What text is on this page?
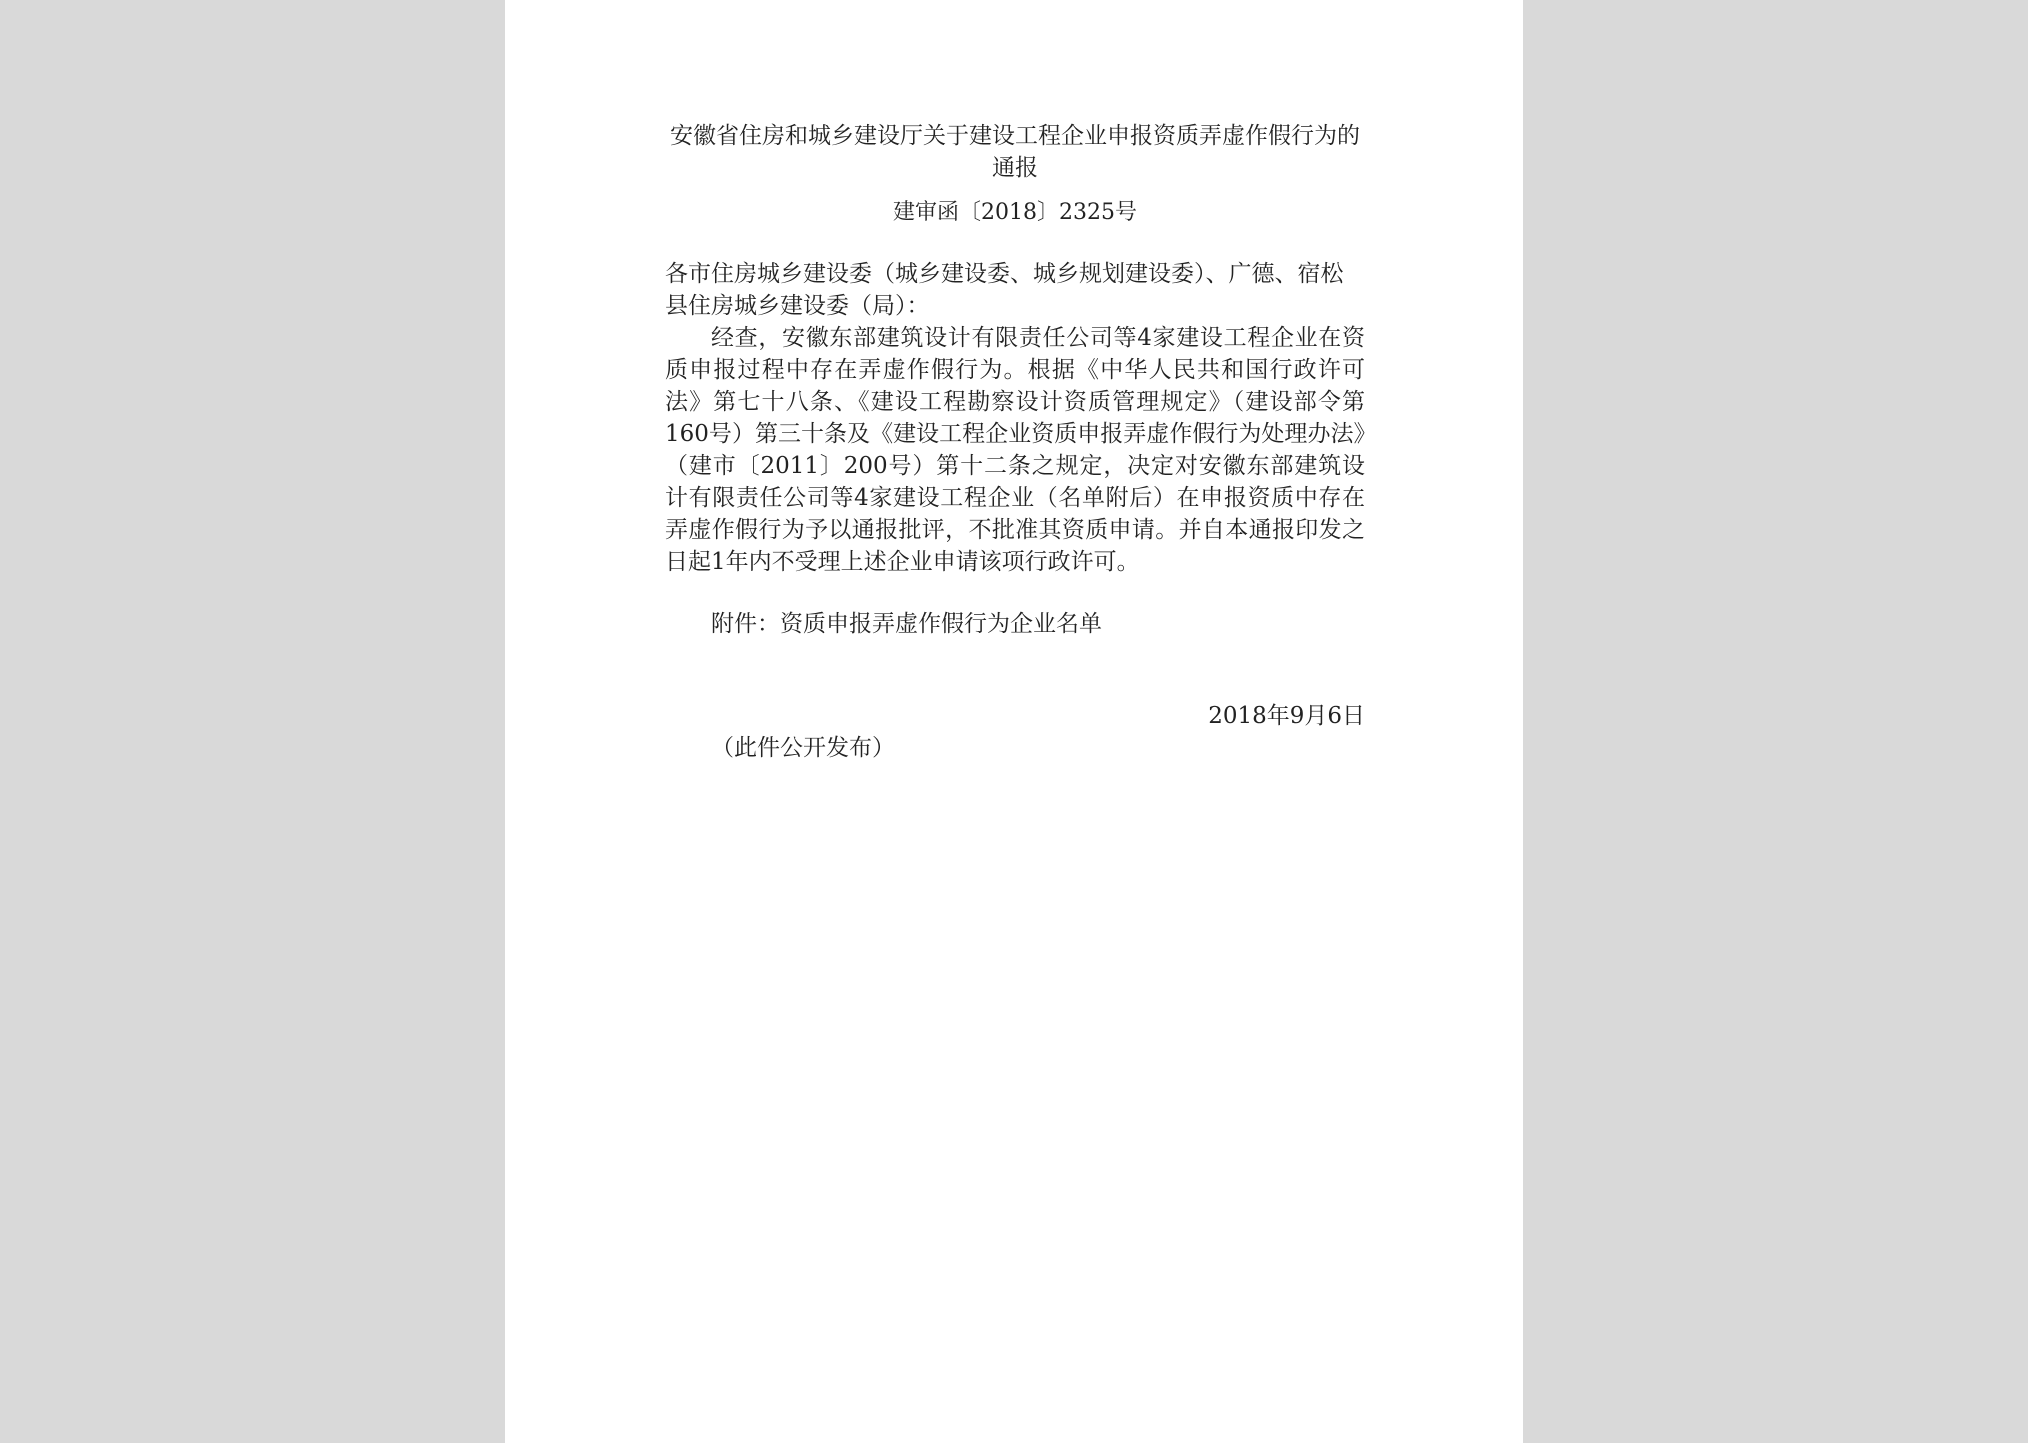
安徽省住房和城乡建设厅关于建设工程企业申报资质弄虚作假行为的通报

建审函〔2018〕2325号

各市住房城乡建设委（城乡建设委、城乡规划建设委）、广德、宿松县住房城乡建设委（局）：

经查，安徽东部建筑设计有限责任公司等4家建设工程企业在资质申报过程中存在弄虚作假行为。根据《中华人民共和国行政许可法》第七十八条、《建设工程勘察设计资质管理规定》（建设部令第160号）第三十条及《建设工程企业资质申报弄虚作假行为处理办法》（建市〔2011〕200号）第十二条之规定，决定对安徽东部建筑设计有限责任公司等4家建设工程企业（名单附后）在申报资质中存在弄虚作假行为予以通报批评，不批准其资质申请。并自本通报印发之日起1年内不受理上述企业申请该项行政许可。

附件：资质申报弄虚作假行为企业名单

2018年9月6日

（此件公开发布）
